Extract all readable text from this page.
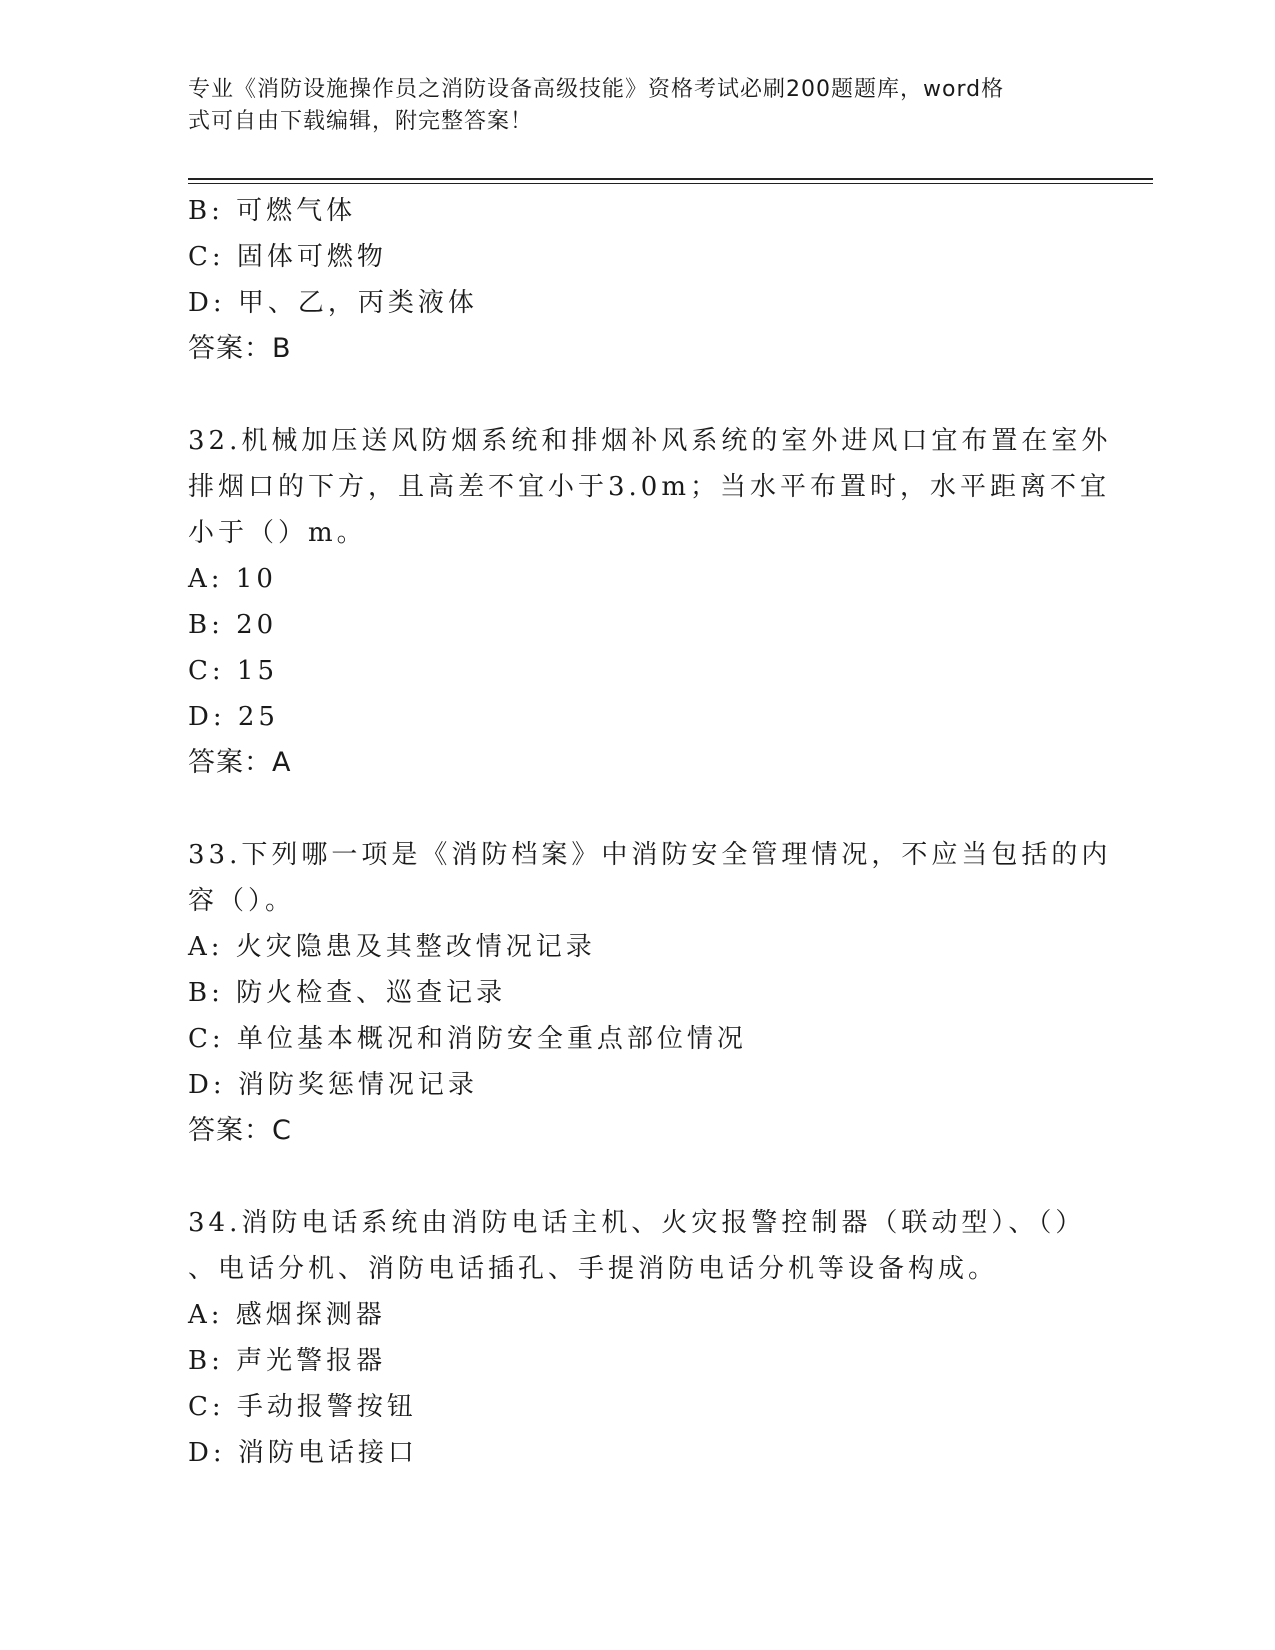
专业《消防设施操作员之消防设备高级技能》资格考试必刷200题题库，word格
式可自由下载编辑，附完整答案！
B: 可燃气体
C: 固体可燃物
D: 甲、乙，丙类液体
答案：B
32.机械加压送风防烟系统和排烟补风系统的室外进风口宜布置在室外
排烟口的下方，且高差不宜小于3.0m；当水平布置时，水平距离不宜
小于（）m。
A: 10
B: 20
C: 15
D: 25
答案：A
33.下列哪一项是《消防档案》中消防安全管理情况，不应当包括的内
容（）。
A: 火灾隐患及其整改情况记录
B: 防火检查、巡查记录
C: 单位基本概况和消防安全重点部位情况
D: 消防奖惩情况记录
答案：C
34.消防电话系统由消防电话主机、火灾报警控制器（联动型）、（）
、电话分机、消防电话插孔、手提消防电话分机等设备构成。
A: 感烟探测器
B: 声光警报器
C: 手动报警按钮
D: 消防电话接口
